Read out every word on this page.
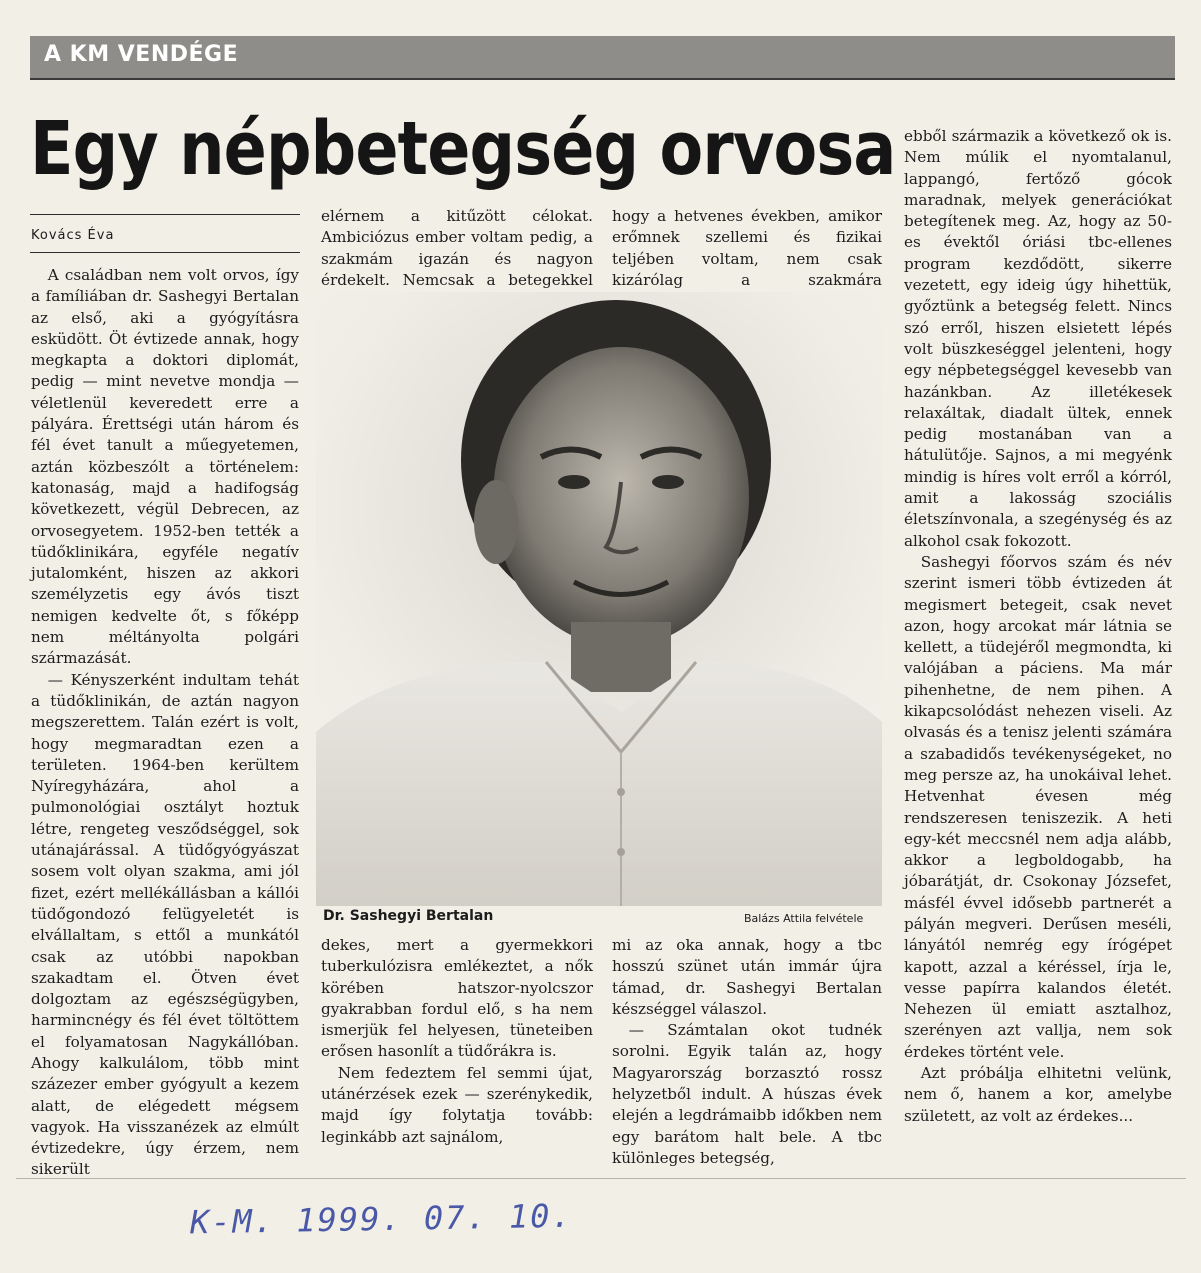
A KM VENDÉGE
Egy népbetegség orvosa
Kovács Éva

A családban nem volt orvos, így a famíliában dr. Sashegyi Bertalan az első, aki a gyógyításra esküdött. Öt évtizede annak, hogy megkapta a doktori diplomát, pedig — mint nevetve mondja — véletlenül keveredett erre a pályára. Érettségi után három és fél évet tanult a műegyetemen, aztán közbeszólt a történelem: katonaság, majd a hadifogság következett, végül Debrecen, az orvosegyetem. 1952-ben tették a tüdőklinikára, egyféle negatív jutalomként, hiszen az akkori személyzetis egy ávós tiszt nemigen kedvelte őt, s főképp nem méltányolta polgári származását.

— Kényszerként indultam tehát a tüdőklinikán, de aztán nagyon megszerettem. Talán ezért is volt, hogy megmaradtan ezen a területen. 1964-ben kerültem Nyíregyházára, ahol a pulmonológiai osztályt hoztuk létre, rengeteg vesződséggel, sok utánajárással. A tüdőgyógyászat sosem volt olyan szakma, ami jól fizet, ezért mellékállásban a kállói tüdőgondozó felügyeletét is elvállaltam, s ettől a munkától csak az utóbbi napokban szakadtam el. Ötven évet dolgoztam az egészségügyben, harmincnégy és fél évet töltöttem el folyamatosan Nagykállóban. Ahogy kalkulálom, több mint százezer ember gyógyult a kezem alatt, de elégedett mégsem vagyok. Ha visszanézek az elmúlt évtizedekre, úgy érzem, nem sikerült

elérnem a kitűzött célokat. Ambiciózus ember voltam pedig, a szakmám igazán és nagyon érdekelt. Nemcsak a betegekkel

hogy a hetvenes években, amikor erőmnek szellemi és fizikai teljében voltam, nem csak kizárólag a szakmára

Dr. Sashegyi Bertalan	Balázs Attila felvétele

dekes, mert a gyermekkori tuberkulózisra emlékeztet, a nők körében hatszor-nyolcszor gyakrabban fordul elő, s ha nem ismerjük fel helyesen, tüneteiben erősen hasonlít a tüdőrákra is.

Nem fedeztem fel semmi újat, utánérzések ezek — szerénykedik, majd így folytatja tovább: leginkább azt sajnálom,

mi az oka annak, hogy a tbc hosszú szünet után immár újra támad, dr. Sashegyi Bertalan készséggel válaszol.

— Számtalan okot tudnék sorolni. Egyik talán az, hogy Magyarország borzasztó rossz helyzetből indult. A húszas évek elején a legdrámaibb időkben nem egy barátom halt bele. A tbc különleges betegség,

ebből származik a következő ok is. Nem múlik el nyomtalanul, lappangó, fertőző gócok maradnak, melyek generációkat betegítenek meg. Az, hogy az 50-es évektől óriási tbc-ellenes program kezdődött, sikerre vezetett, egy ideig úgy hihettük, győztünk a betegség felett. Nincs szó erről, hiszen elsietett lépés volt büszkeséggel jelenteni, hogy egy népbetegséggel kevesebb van hazánkban. Az illetékesek relaxáltak, diadalt ültek, ennek pedig mostanában van a hátulütője. Sajnos, a mi megyénk mindig is híres volt erről a kórról, amit a lakosság szociális életszínvonala, a szegénység és az alkohol csak fokozott.

Sashegyi főorvos szám és név szerint ismeri több évtizeden át megismert betegeit, csak nevet azon, hogy arcokat már látnia se kellett, a tüdejéről megmondta, ki valójában a páciens. Ma már pihenhetne, de nem pihen. A kikapcsolódást nehezen viseli. Az olvasás és a tenisz jelenti számára a szabadidős tevékenységeket, no meg persze az, ha unokáival lehet. Hetvenhat évesen még rendszeresen teniszezik. A heti egy-két meccsnél nem adja alább, akkor a legboldogabb, ha jóbarátját, dr. Csokonay Józsefet, másfél évvel idősebb partnerét a pályán megveri. Derűsen meséli, lányától nemrég egy írógépet kapott, azzal a kéréssel, írja le, vesse papírra kalandos életét. Nehezen ül emiatt asztalhoz, szerényen azt vallja, nem sok érdekes történt vele.

Azt próbálja elhitetni velünk, nem ő, hanem a kor, amelybe született, az volt az érdekes...

K-M. 1999. 07. 10.
